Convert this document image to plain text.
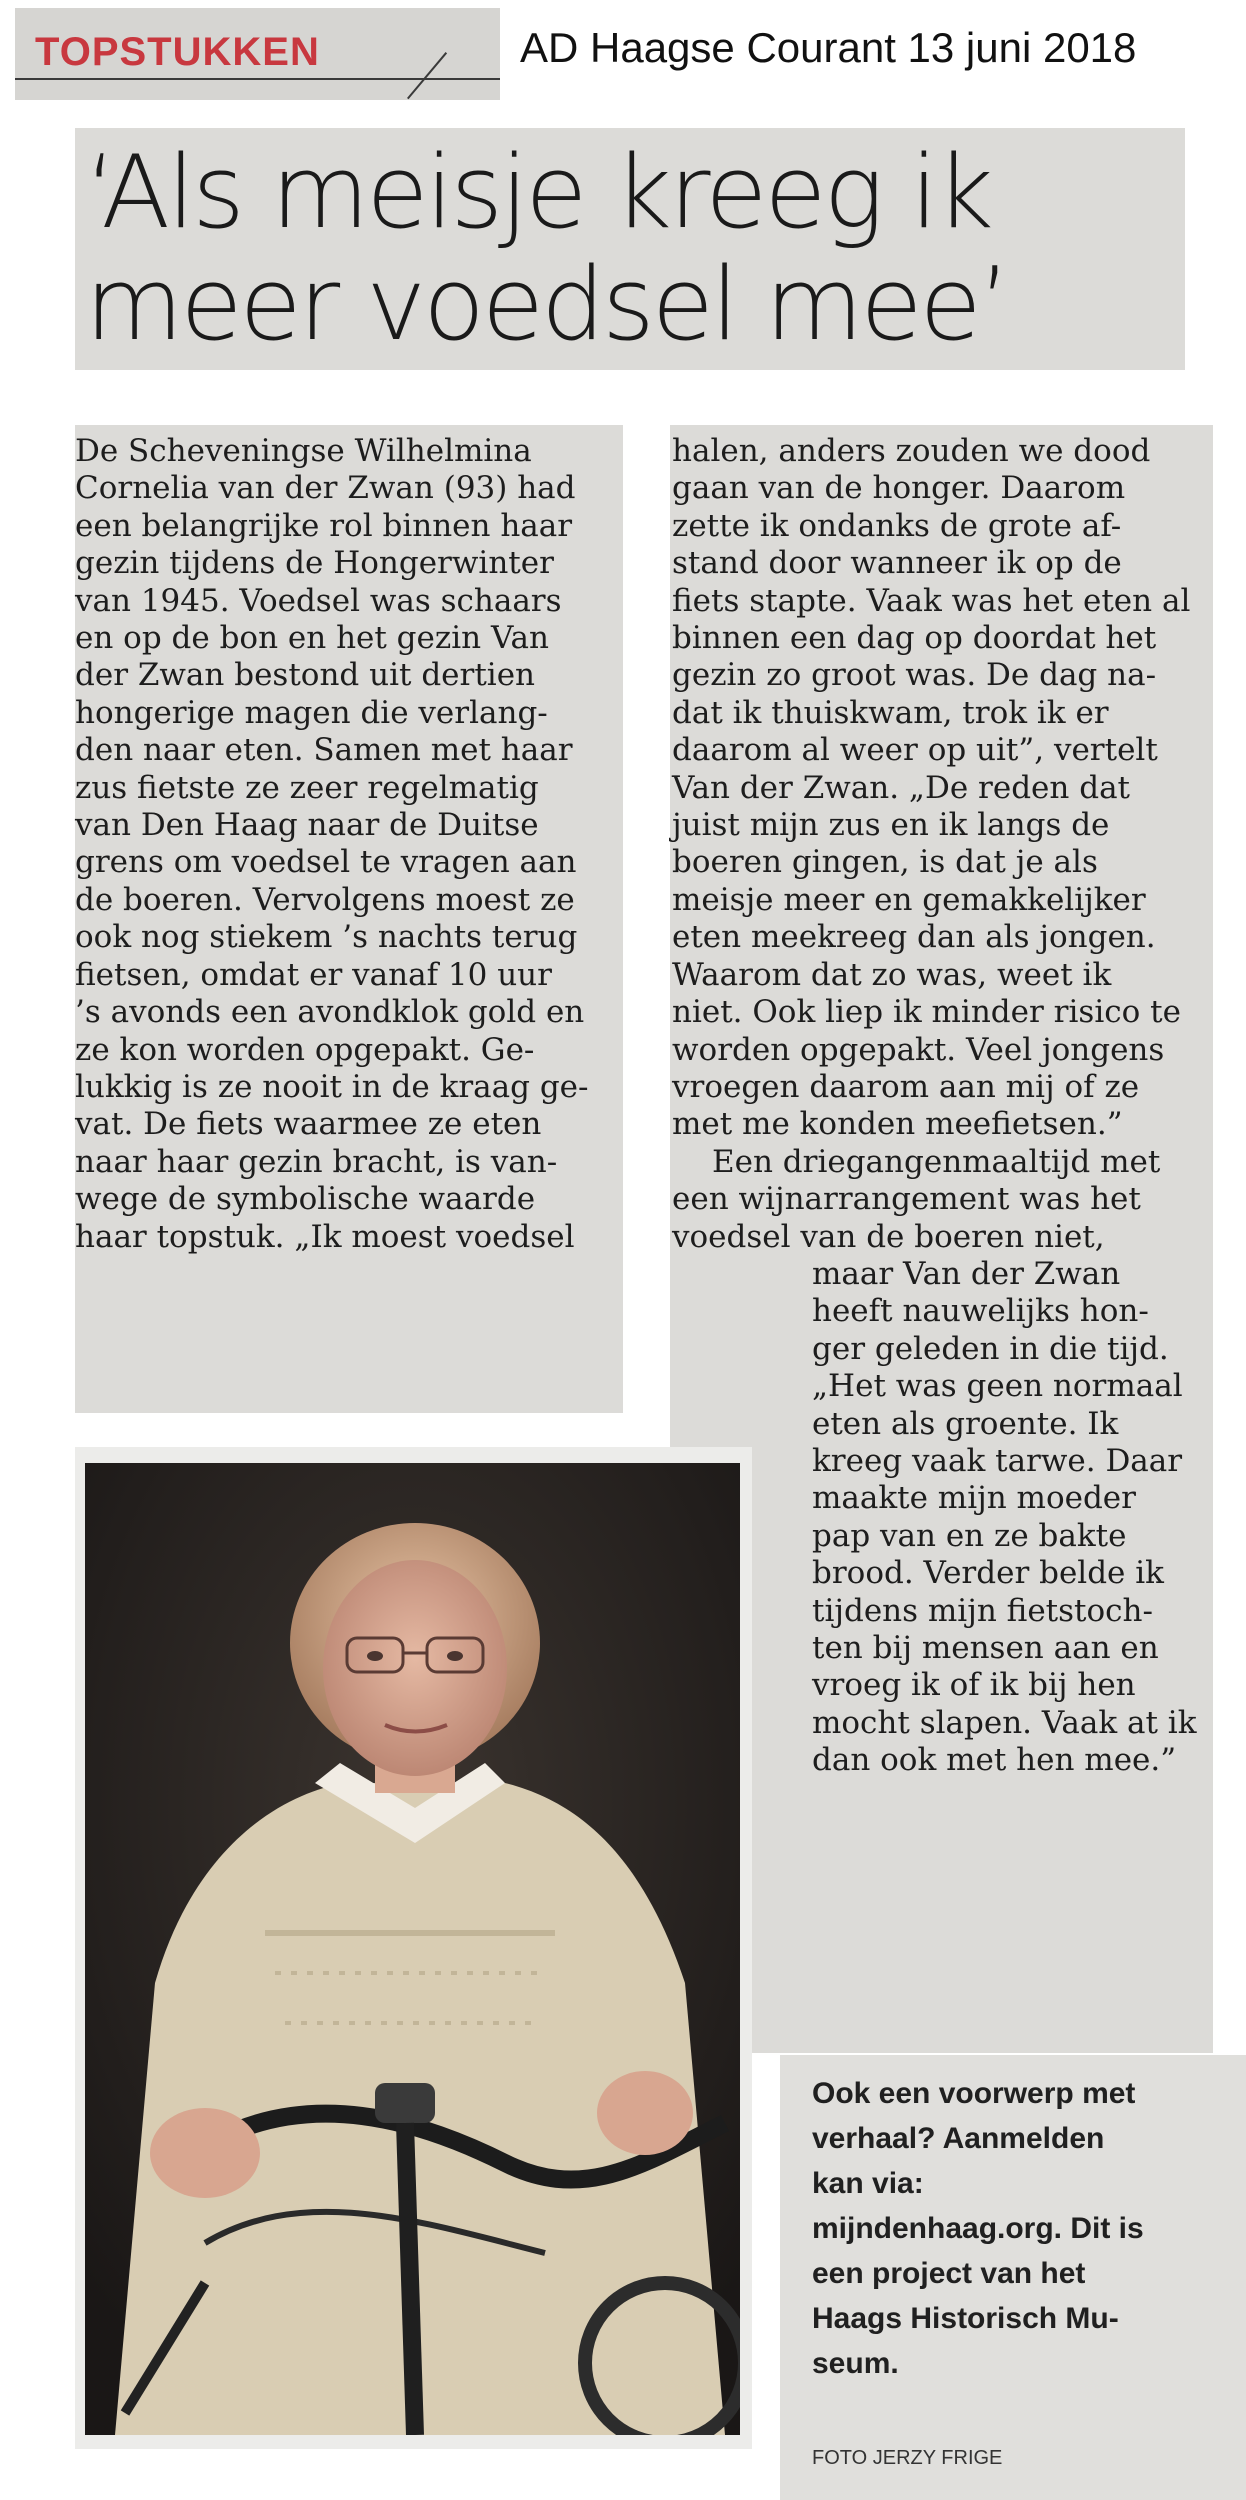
TOPSTUKKEN	AD Haagse Courant 13 juni 2018
‘Als meisje kreeg ik
meer voedsel mee’

De Scheveningse Wilhelmina

Cornelia van der Zwan (93) had

een belangrijke rol binnen haar

gezin tijdens de Hongerwinter

van 1945. Voedsel was schaars

en op de bon en het gezin Van

der Zwan bestond uit dertien

hongerige magen die verlang-

den naar eten. Samen met haar

zus fietste ze zeer regelmatig

van Den Haag naar de Duitse

grens om voedsel te vragen aan

de boeren. Vervolgens moest ze

ook nog stiekem ’s nachts terug

fietsen, omdat er vanaf 10 uur

’s avonds een avondklok gold en

ze kon worden opgepakt. Ge-

lukkig is ze nooit in de kraag ge-

vat. De fiets waarmee ze eten

naar haar gezin bracht, is van-

wege de symbolische waarde

haar topstuk. „Ik moest voedsel

halen, anders zouden we dood

gaan van de honger. Daarom

zette ik ondanks de grote af-

stand door wanneer ik op de

fiets stapte. Vaak was het eten al

binnen een dag op doordat het

gezin zo groot was. De dag na-

dat ik thuiskwam, trok ik er

daarom al weer op uit”, vertelt

Van der Zwan. „De reden dat

juist mijn zus en ik langs de

boeren gingen, is dat je als

meisje meer en gemakkelijker

eten meekreeg dan als jongen.

Waarom dat zo was, weet ik

niet. Ook liep ik minder risico te

worden opgepakt. Veel jongens

vroegen daarom aan mij of ze

met me konden meefietsen.”

Een driegangenmaaltijd met

een wijnarrangement was het

voedsel van de boeren niet,

maar Van der Zwan

heeft nauwelijks hon-

ger geleden in die tijd.

„Het was geen normaal

eten als groente. Ik

kreeg vaak tarwe. Daar

maakte mijn moeder

pap van en ze bakte

brood. Verder belde ik

tijdens mijn fietstoch-

ten bij mensen aan en

vroeg ik of ik bij hen

mocht slapen. Vaak at ik

dan ook met hen mee.”

Ook een voorwerp met

verhaal? Aanmelden

kan via:

mijndenhaag.org. Dit is

een project van het

Haags Historisch Mu-

seum.

FOTO JERZY FRIGE
